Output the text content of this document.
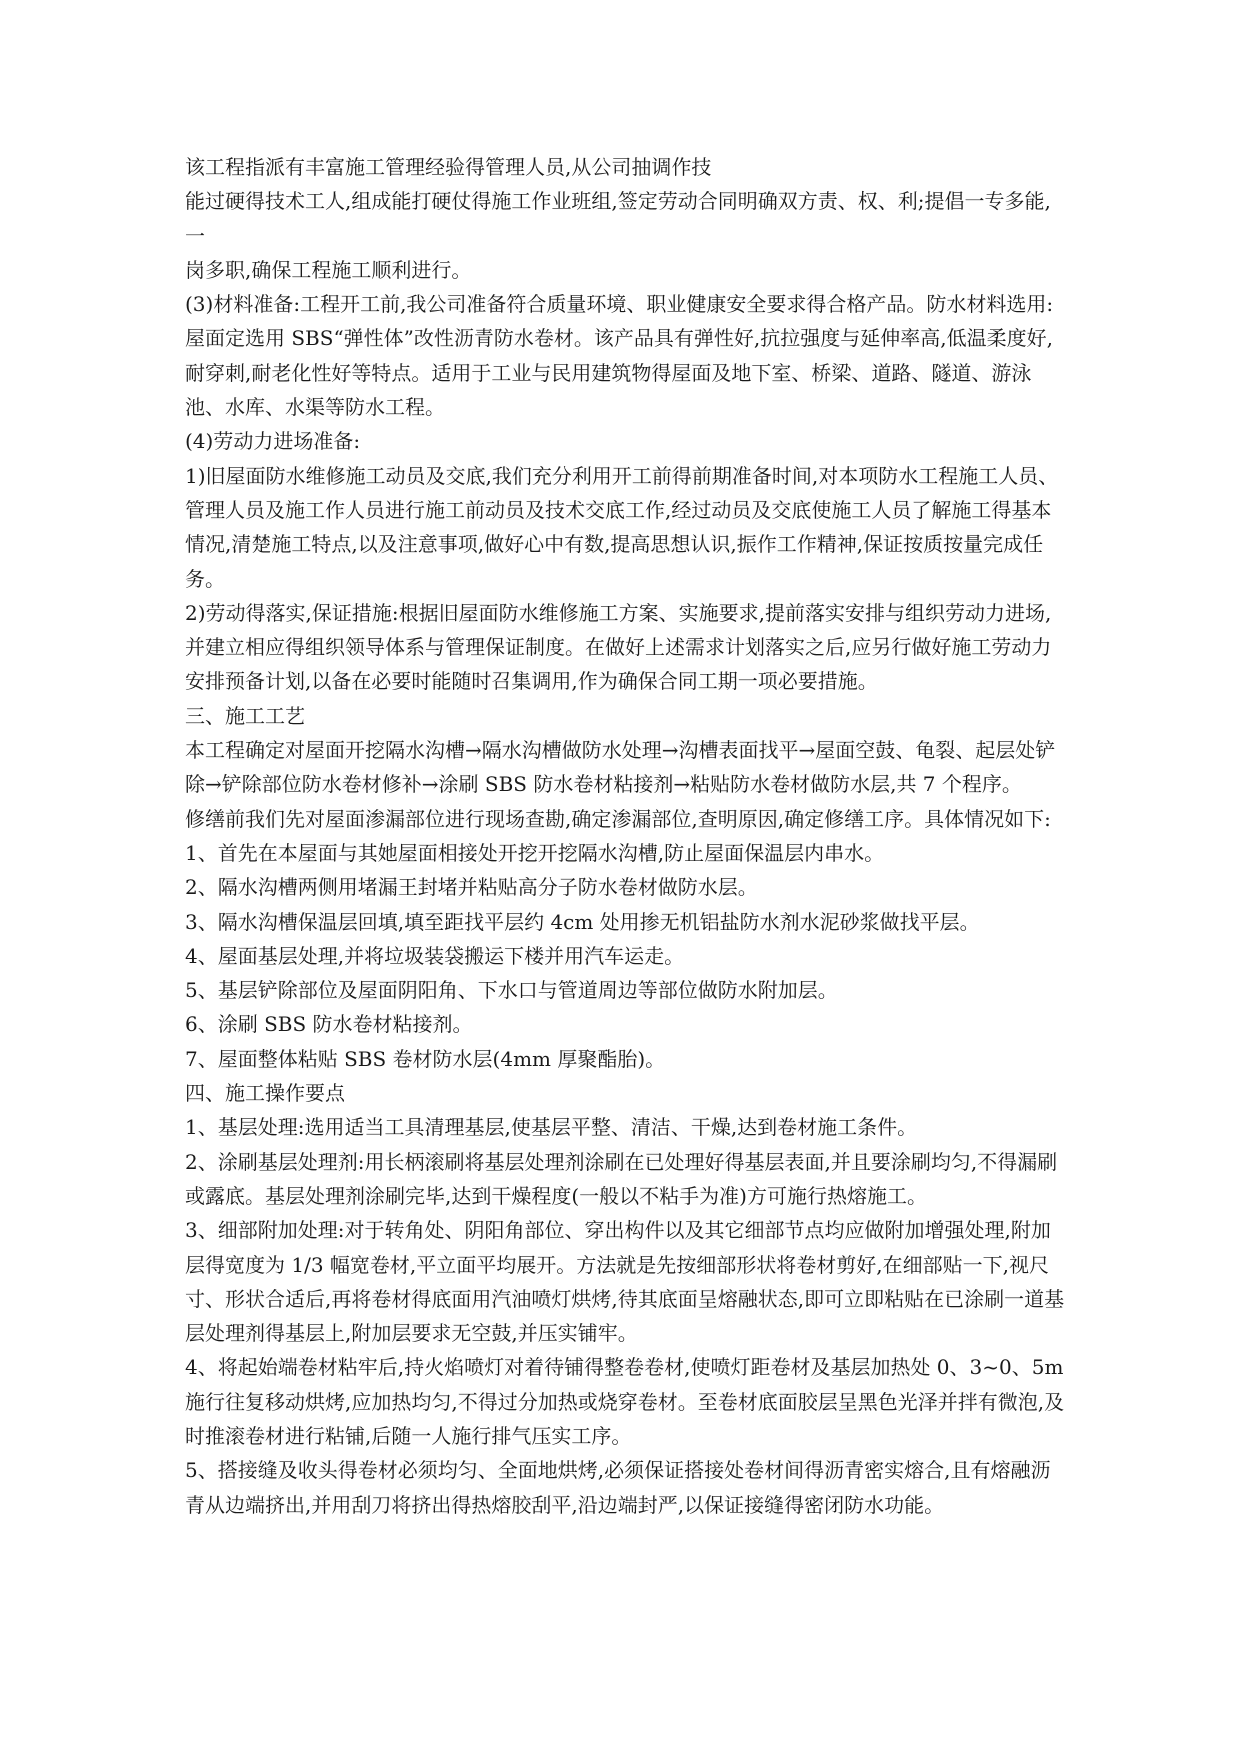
该工程指派有丰富施工管理经验得管理人员,从公司抽调作技

能过硬得技术工人,组成能打硬仗得施工作业班组,签定劳动合同明确双方责、权、利;提倡一专多能,一

岗多职,确保工程施工顺利进行。

(3)材料准备:工程开工前,我公司准备符合质量环境、职业健康安全要求得合格产品。防水材料选用:屋面定选用 SBS“弹性体”改性沥青防水卷材。该产品具有弹性好,抗拉强度与延伸率高,低温柔度好,耐穿刺,耐老化性好等特点。适用于工业与民用建筑物得屋面及地下室、桥梁、道路、隧道、游泳池、水库、水渠等防水工程。

(4)劳动力进场准备:

1)旧屋面防水维修施工动员及交底,我们充分利用开工前得前期准备时间,对本项防水工程施工人员、管理人员及施工作人员进行施工前动员及技术交底工作,经过动员及交底使施工人员了解施工得基本情况,清楚施工特点,以及注意事项,做好心中有数,提高思想认识,振作工作精神,保证按质按量完成任务。

2)劳动得落实,保证措施:根据旧屋面防水维修施工方案、实施要求,提前落实安排与组织劳动力进场,并建立相应得组织领导体系与管理保证制度。在做好上述需求计划落实之后,应另行做好施工劳动力安排预备计划,以备在必要时能随时召集调用,作为确保合同工期一项必要措施。

三、施工工艺

本工程确定对屋面开挖隔水沟槽→隔水沟槽做防水处理→沟槽表面找平→屋面空鼓、龟裂、起层处铲除→铲除部位防水卷材修补→涂刷 SBS 防水卷材粘接剂→粘贴防水卷材做防水层,共 7 个程序。

修缮前我们先对屋面渗漏部位进行现场查勘,确定渗漏部位,查明原因,确定修缮工序。具体情况如下:

1、首先在本屋面与其她屋面相接处开挖开挖隔水沟槽,防止屋面保温层内串水。

2、隔水沟槽两侧用堵漏王封堵并粘贴高分子防水卷材做防水层。

3、隔水沟槽保温层回填,填至距找平层约 4cm 处用掺无机铝盐防水剂水泥砂浆做找平层。

4、屋面基层处理,并将垃圾装袋搬运下楼并用汽车运走。

5、基层铲除部位及屋面阴阳角、下水口与管道周边等部位做防水附加层。

6、涂刷 SBS 防水卷材粘接剂。

7、屋面整体粘贴 SBS 卷材防水层(4mm 厚聚酯胎)。

四、施工操作要点

1、基层处理:选用适当工具清理基层,使基层平整、清洁、干燥,达到卷材施工条件。

2、涂刷基层处理剂:用长柄滚刷将基层处理剂涂刷在已处理好得基层表面,并且要涂刷均匀,不得漏刷或露底。基层处理剂涂刷完毕,达到干燥程度(一般以不粘手为准)方可施行热熔施工。

3、细部附加处理:对于转角处、阴阳角部位、穿出构件以及其它细部节点均应做附加增强处理,附加层得宽度为 1/3 幅宽卷材,平立面平均展开。方法就是先按细部形状将卷材剪好,在细部贴一下,视尺寸、形状合适后,再将卷材得底面用汽油喷灯烘烤,待其底面呈熔融状态,即可立即粘贴在已涂刷一道基层处理剂得基层上,附加层要求无空鼓,并压实铺牢。

4、将起始端卷材粘牢后,持火焰喷灯对着待铺得整卷卷材,使喷灯距卷材及基层加热处 0、3~0、5m 施行往复移动烘烤,应加热均匀,不得过分加热或烧穿卷材。至卷材底面胶层呈黑色光泽并拌有微泡,及时推滚卷材进行粘铺,后随一人施行排气压实工序。

5、搭接缝及收头得卷材必须均匀、全面地烘烤,必须保证搭接处卷材间得沥青密实熔合,且有熔融沥青从边端挤出,并用刮刀将挤出得热熔胶刮平,沿边端封严,以保证接缝得密闭防水功能。
